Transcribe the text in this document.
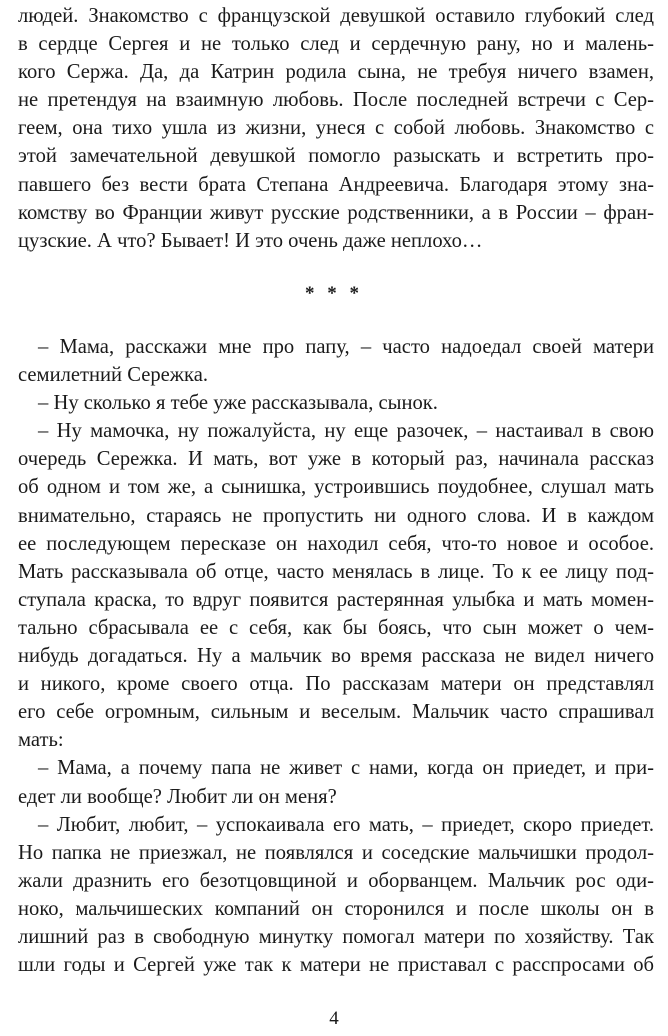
людей. Знакомство с французской девушкой оставило глубокий след
в сердце Сергея и не только след и сердечную рану, но и малень-
кого Сержа. Да, да Катрин родила сына, не требуя ничего взамен,
не претендуя на взаимную любовь. После последней встречи с Сер-
геем, она тихо ушла из жизни, унеся с собой любовь. Знакомство с
этой замечательной девушкой помогло разыскать и встретить про-
павшего без вести брата Степана Андреевича. Благодаря этому зна-
комству во Франции живут русские родственники, а в России – фран-
цузские. А что? Бывает! И это очень даже неплохо…
– Мама, расскажи мне про папу, – часто надоедал своей матери
семилетний Сережка.
– Ну сколько я тебе уже рассказывала, сынок.
– Ну мамочка, ну пожалуйста, ну еще разочек, – настаивал в свою
очередь Сережка. И мать, вот уже в который раз, начинала рассказ
об одном и том же, а сынишка, устроившись поудобнее, слушал мать
внимательно, стараясь не пропустить ни одного слова. И в каждом
ее последующем пересказе он находил себя, что-то новое и особое.
Мать рассказывала об отце, часто менялась в лице. То к ее лицу под-
ступала краска, то вдруг появится растерянная улыбка и мать момен-
тально сбрасывала ее с себя, как бы боясь, что сын может о чем-
нибудь догадаться. Ну а мальчик во время рассказа не видел ничего
и никого, кроме своего отца. По рассказам матери он представлял
его себе огромным, сильным и веселым. Мальчик часто спрашивал
мать:
– Мама, а почему папа не живет с нами, когда он приедет, и при-
едет ли вообще? Любит ли он меня?
– Любит, любит, – успокаивала его мать, – приедет, скоро приедет.
Но папка не приезжал, не появлялся и соседские мальчишки продол-
жали дразнить его безотцовщиной и оборванцем. Мальчик рос оди-
ноко, мальчишеских компаний он сторонился и после школы он в
лишний раз в свободную минутку помогал матери по хозяйству. Так
шли годы и Сергей уже так к матери не приставал с расспросами об
* * *
4
